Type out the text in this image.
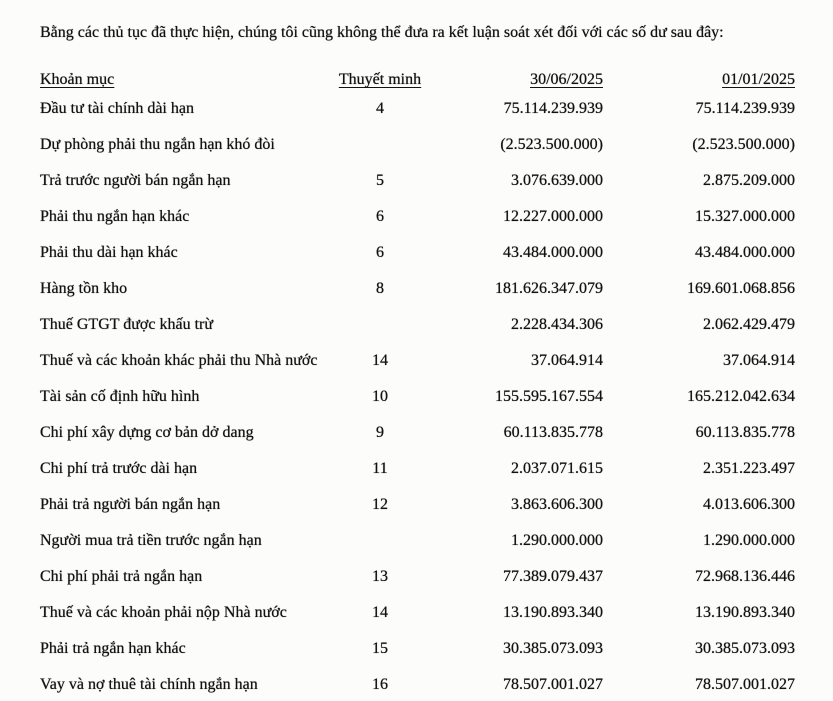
Bằng các thủ tục đã thực hiện, chúng tôi cũng không thể đưa ra kết luận soát xét đối với các số dư sau đây:

Khoản mục	Thuyết minh	30/06/2025	01/01/2025
Đầu tư tài chính dài hạn	4	75.114.239.939	75.114.239.939
Dự phòng phải thu ngắn hạn khó đòi		(2.523.500.000)	(2.523.500.000)
Trả trước người bán ngắn hạn	5	3.076.639.000	2.875.209.000
Phải thu ngắn hạn khác	6	12.227.000.000	15.327.000.000
Phải thu dài hạn khác	6	43.484.000.000	43.484.000.000
Hàng tồn kho	8	181.626.347.079	169.601.068.856
Thuế GTGT được khấu trừ		2.228.434.306	2.062.429.479
Thuế và các khoản khác phải thu Nhà nước	14	37.064.914	37.064.914
Tài sản cố định hữu hình	10	155.595.167.554	165.212.042.634
Chi phí xây dựng cơ bản dở dang	9	60.113.835.778	60.113.835.778
Chi phí trả trước dài hạn	11	2.037.071.615	2.351.223.497
Phải trả người bán ngắn hạn	12	3.863.606.300	4.013.606.300
Người mua trả tiền trước ngắn hạn		1.290.000.000	1.290.000.000
Chi phí phải trả ngắn hạn	13	77.389.079.437	72.968.136.446
Thuế và các khoản phải nộp Nhà nước	14	13.190.893.340	13.190.893.340
Phải trả ngắn hạn khác	15	30.385.073.093	30.385.073.093
Vay và nợ thuê tài chính ngắn hạn	16	78.507.001.027	78.507.001.027
